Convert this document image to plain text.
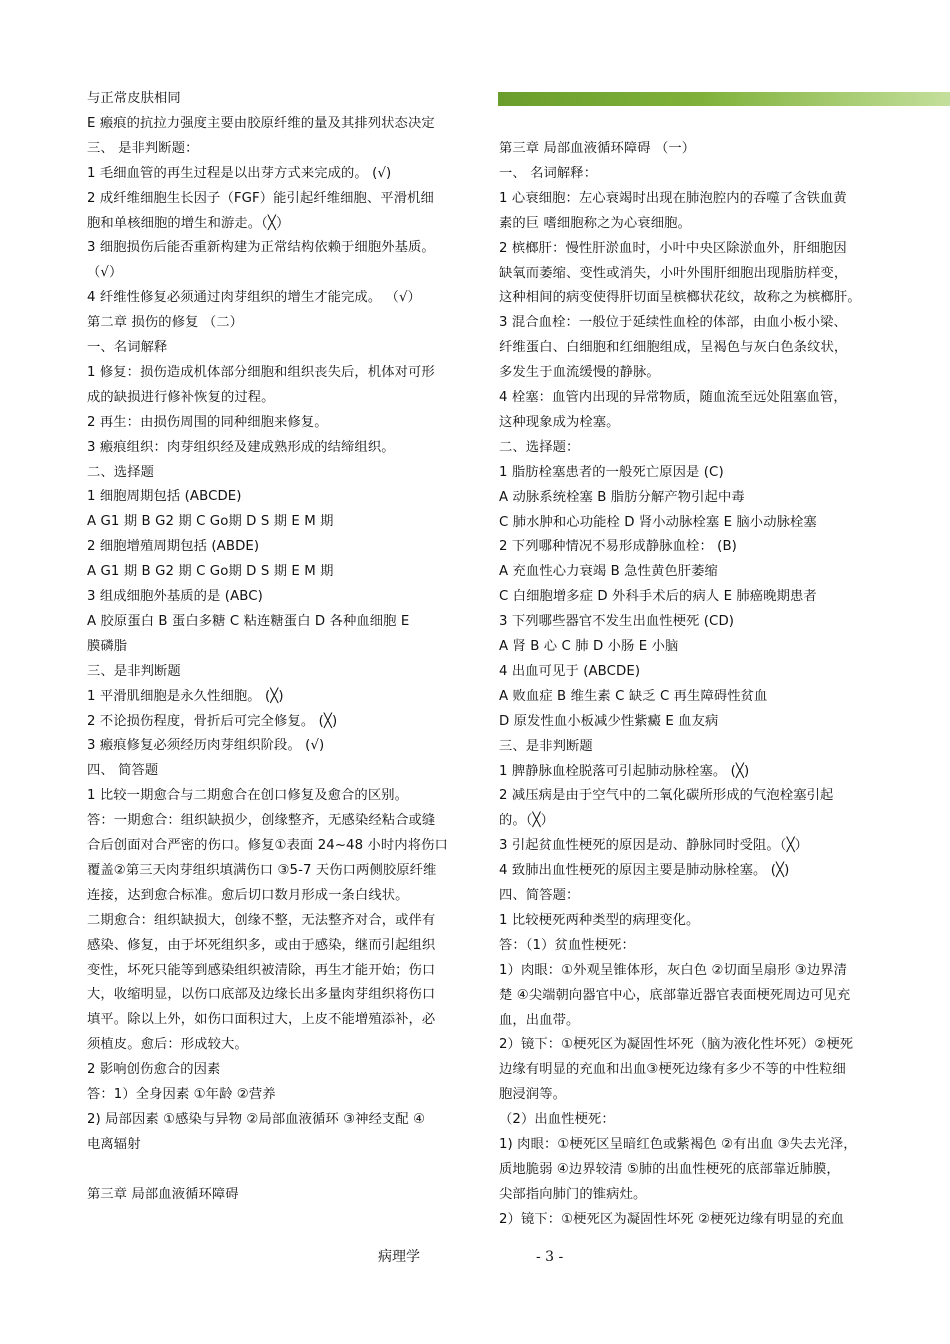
与正常皮肤相同
E 瘢痕的抗拉力强度主要由胶原纤维的量及其排列状态决定
三、 是非判断题：
1 毛细血管的再生过程是以出芽方式来完成的。 (√)
2 成纤维细胞生长因子（FGF）能引起纤维细胞、平滑机细
胞和单核细胞的增生和游走。（╳）
3 细胞损伤后能否重新构建为正常结构依赖于细胞外基质。
（√）
4 纤维性修复必须通过肉芽组织的增生才能完成。 （√）
第二章 损伤的修复 （二）
一、名词解释
1 修复：损伤造成机体部分细胞和组织丧失后，机体对可形
成的缺损进行修补恢复的过程。
2 再生：由损伤周围的同种细胞来修复。
3 瘢痕组织：肉芽组织经及建成熟形成的结缔组织。
二、选择题
1 细胞周期包括 (ABCDE)
A G1 期 B G2 期 C Go期 D S 期 E M 期
2 细胞增殖周期包括 (ABDE)
A G1 期 B G2 期 C Go期 D S 期 E M 期
3 组成细胞外基质的是 (ABC)
A 胶原蛋白 B 蛋白多糖 C 粘连糖蛋白 D 各种血细胞 E
膜磷脂
三、是非判断题
1 平滑肌细胞是永久性细胞。 (╳)
2 不论损伤程度，骨折后可完全修复。 (╳)
3 瘢痕修复必须经历肉芽组织阶段。 (√)
四、 简答题
1 比较一期愈合与二期愈合在创口修复及愈合的区别。
答：一期愈合：组织缺损少，创缘整齐，无感染经粘合或缝
合后创面对合严密的伤口。修复①表面 24~48 小时内将伤口
覆盖②第三天肉芽组织填满伤口 ③5-7 天伤口两侧胶原纤维
连接，达到愈合标准。愈后切口数月形成一条白线状。
二期愈合：组织缺损大，创缘不整，无法整齐对合，或伴有
感染、修复，由于坏死组织多，或由于感染，继而引起组织
变性，坏死只能等到感染组织被清除，再生才能开始；伤口
大，收缩明显，以伤口底部及边缘长出多量肉芽组织将伤口
填平。除以上外，如伤口面积过大，上皮不能增殖添补，必
须植皮。愈后：形成较大。
2 影响创伤愈合的因素
答：1）全身因素 ①年龄 ②营养
2) 局部因素 ①感染与异物 ②局部血液循环 ③神经支配 ④
电离辐射
第三章 局部血液循环障碍
第三章 局部血液循环障碍 （一）
一、 名词解释：
1 心衰细胞：左心衰竭时出现在肺泡腔内的吞噬了含铁血黄
素的巨 嗜细胞称之为心衰细胞。
2 槟榔肝：慢性肝淤血时，小叶中央区除淤血外，肝细胞因
缺氧而萎缩、变性或消失，小叶外围肝细胞出现脂肪样变，
这种相间的病变使得肝切面呈槟榔状花纹，故称之为槟榔肝。
3 混合血栓：一般位于延续性血栓的体部，由血小板小梁、
纤维蛋白、白细胞和红细胞组成，呈褐色与灰白色条纹状，
多发生于血流缓慢的静脉。
4 栓塞：血管内出现的异常物质，随血流至远处阻塞血管，
这种现象成为栓塞。
二、选择题：
1 脂肪栓塞患者的一般死亡原因是 (C)
A 动脉系统栓塞 B 脂肪分解产物引起中毒
C 肺水肿和心功能栓 D 肾小动脉栓塞 E 脑小动脉栓塞
2 下列哪种情况不易形成静脉血栓： (B)
A 充血性心力衰竭 B 急性黄色肝萎缩
C 白细胞增多症 D 外科手术后的病人 E 肺癌晚期患者
3 下列哪些器官不发生出血性梗死 (CD)
A 肾 B 心 C 肺 D 小肠 E 小脑
4 出血可见于 (ABCDE)
A 败血症 B 维生素 C 缺乏 C 再生障碍性贫血
D 原发性血小板减少性紫癜 E 血友病
三、是非判断题
1 脾静脉血栓脱落可引起肺动脉栓塞。 (╳)
2 减压病是由于空气中的二氧化碳所形成的气泡栓塞引起
的。（╳）
3 引起贫血性梗死的原因是动、静脉同时受阻。（╳）
4 致肺出血性梗死的原因主要是肺动脉栓塞。 (╳)
四、简答题：
1 比较梗死两种类型的病理变化。
答：（1）贫血性梗死：
1）肉眼：①外观呈锥体形，灰白色 ②切面呈扇形 ③边界清
楚 ④尖端朝向器官中心，底部靠近器官表面梗死周边可见充
血，出血带。
2）镜下：①梗死区为凝固性坏死（脑为液化性坏死）②梗死
边缘有明显的充血和出血③梗死边缘有多少不等的中性粒细
胞浸润等。
（2）出血性梗死：
1) 肉眼：①梗死区呈暗红色或紫褐色 ②有出血 ③失去光泽，
质地脆弱 ④边界较清 ⑤肺的出血性梗死的底部靠近肺膜，
尖部指向肺门的锥病灶。
2）镜下：①梗死区为凝固性坏死 ②梗死边缘有明显的充血
病理学	- 3 -
